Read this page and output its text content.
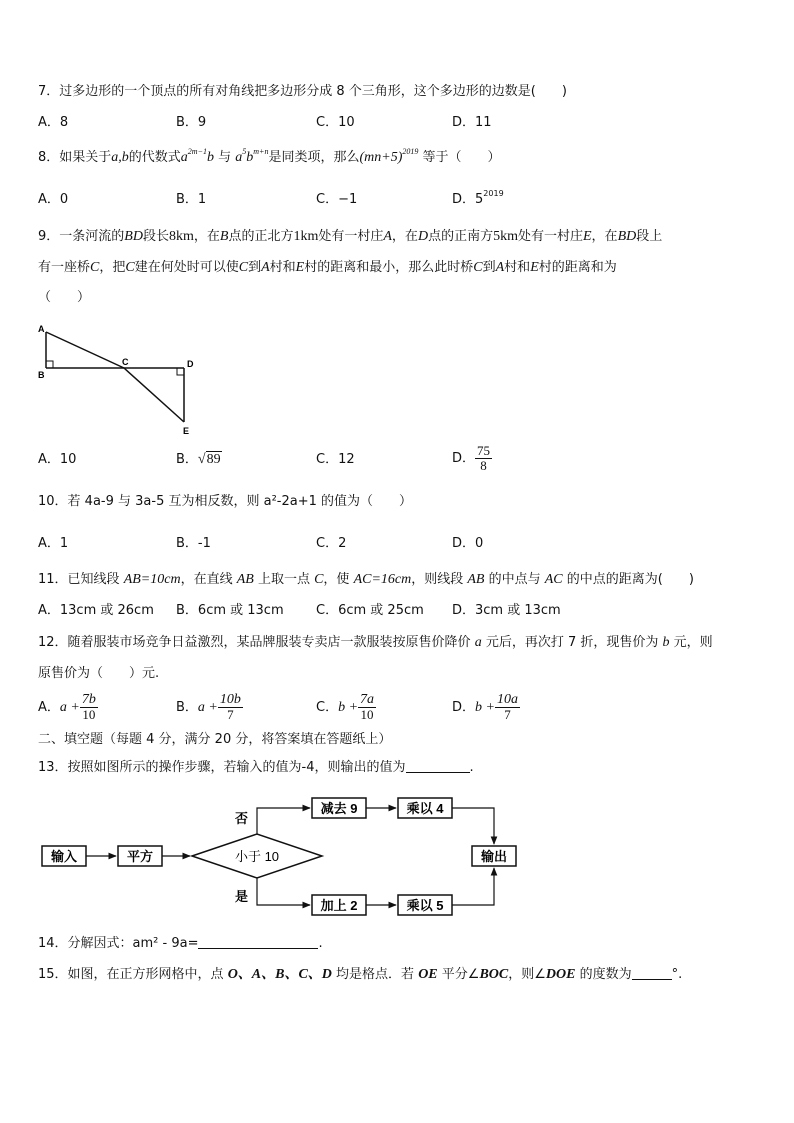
7．过多边形的一个顶点的所有对角线把多边形分成 8 个三角形，这个多边形的边数是(　　)
A．8	B．9	C．10	D．11
8．如果关于a,b的代数式$a^{2m-1}b$ 与 $a^5b^{m+n}$是同类项，那么$(mn+5)^{2019}$ 等于（　　）
A．0	B．1	C．−1	D．$5^{2019}$
9．一条河流的BD段长8km，在B点的正北方1km处有一村庄A，在D点的正南方5km处有一村庄E，在BD段上
有一座桥C，把C建在何处时可以使C到A村和E村的距离和最小，那么此时桥C到A村和E村的距离和为
（　　）
A
B
C	D
E
A．10	B．√89	C．12	D． $\frac{75}{8}$
10．若 4a-9 与 3a-5 互为相反数，则 a²-2a+1 的值为（　　）
A．1	B．-1	C．2	D．0
11．已知线段 AB=10cm，在直线 AB 上取一点 C，使 AC=16cm，则线段 AB 的中点与 AC 的中点的距离为(　　)
A．13cm 或 26cm B．6cm 或 13cm C．6cm 或 25cm D．3cm 或 13cm
12．随着服装市场竞争日益激烈，某品牌服装专卖店一款服装按原售价降价 a 元后，再次打 7 折，现售价为 b 元，则
原售价为（　　）元.
A．$a + \frac{7b}{10}$	B．$a + \frac{10b}{7}$	C．$b + \frac{7a}{10}$	D．$b + \frac{10a}{7}$
二、填空题（每题 4 分，满分 20 分，将答案填在答题纸上）
13．按照如图所示的操作步骤，若输入的值为-4，则输出的值为	.
输入	平方	小于 10
减去 9	乘以 4
加上 2	乘以 5
输出
否
是
14．分解因式：am² - 9a=	.
15．如图，在正方形网格中，点 O、A、B、C、D 均是格点．若 OE 平分∠BOC，则∠DOE 的度数为	°.
